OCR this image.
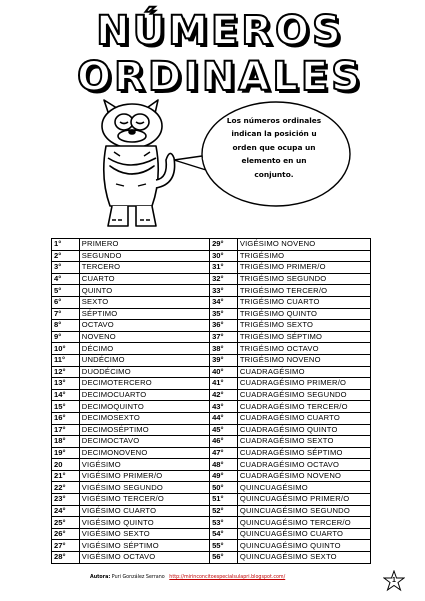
NÚMEROS
ORDINALES
Los números ordinales
indican la posición u
orden que ocupa un
elemento en un
conjunto.
1°	PRIMERO	29°	VIGÉSIMO NOVENO
2°	SEGUNDO	30°	TRIGÉSIMO
3°	TERCERO	31°	TRIGÉSIMO PRIMER/O
4°	CUARTO	32°	TRIGÉSIMO SEGUNDO
5°	QUINTO	33°	TRIGÉSIMO TERCER/O
6°	SEXTO	34°	TRIGÉSIMO CUARTO
7°	SÉPTIMO	35°	TRIGÉSIMO QUINTO
8°	OCTAVO	36°	TRIGÉSIMO SEXTO
9°	NOVENO	37°	TRIGÉSIMO SÉPTIMO
10°	DÉCIMO	38°	TRIGÉSIMO OCTAVO
11°	UNDÉCIMO	39°	TRIGÉSIMO NOVENO
12°	DUODÉCIMO	40°	CUADRAGÉSIMO
13°	DECIMOTERCERO	41°	CUADRAGÉSIMO PRIMER/O
14°	DECIMOCUARTO	42°	CUADRAGÉSIMO SEGUNDO
15°	DECIMOQUINTO	43°	CUADRAGÉSIMO TERCER/O
16°	DECIMOSEXTO	44°	CUADRAGÉSIMO CUARTO
17°	DECIMOSÉPTIMO	45°	CUADRAGÉSIMO QUINTO
18°	DECIMOCTAVO	46°	CUADRAGÉSIMO SEXTO
19°	DECIMONOVENO	47°	CUADRAGÉSIMO SÉPTIMO
20	VIGÉSIMO	48°	CUADRAGÉSIMO OCTAVO
21°	VIGÉSIMO PRIMER/O	49°	CUADRAGÉSIMO NOVENO
22°	VIGÉSIMO SEGUNDO	50°	QUINCUAGÉSIMO
23°	VIGÉSIMO TERCER/O	51°	QUINCUAGÉSIMO PRIMER/O
24°	VIGÉSIMO CUARTO	52°	QUINCUAGÉSIMO SEGUNDO
25°	VIGÉSIMO QUINTO	53°	QUINCUAGÉSIMO TERCER/O
26°	VIGÉSIMO SEXTO	54°	QUINCUAGÉSIMO CUARTO
27°	VIGÉSIMO SÉPTIMO	55°	QUINCUAGÉSIMO QUINTO
28°	VIGÉSIMO OCTAVO	56°	QUINCUAGÉSIMO SEXTO
Autora: Puri González Serrano http://mirinconcitoespecialsulapri.blogspot.com/	1
